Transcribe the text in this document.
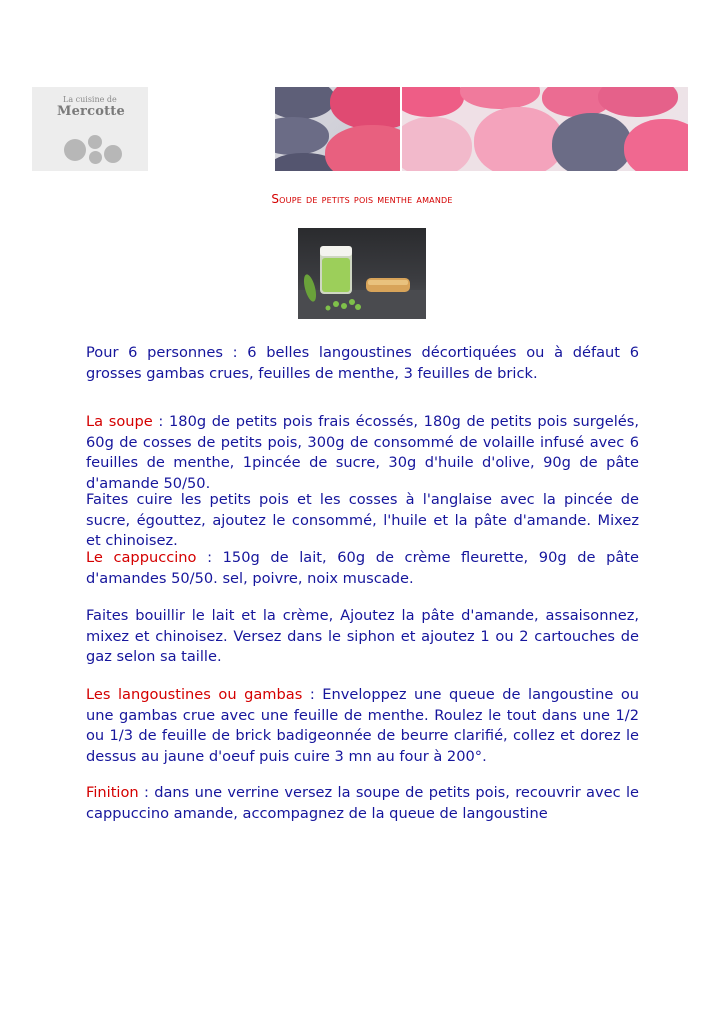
La cuisine de
Mercotte
Soupe de petits pois menthe amande

Pour 6 personnes : 6 belles langoustines décortiquées ou à défaut 6 grosses gambas crues, feuilles de menthe, 3 feuilles de brick.

La soupe : 180g de petits pois frais écossés, 180g de petits pois surgelés, 60g de cosses de petits pois, 300g de consommé de volaille infusé avec 6 feuilles de menthe, 1pincée de sucre, 30g d'huile d'olive, 90g de pâte d'amande 50/50.

Faites cuire les petits pois et les cosses à l'anglaise avec la pincée de sucre, égouttez, ajoutez le consommé, l'huile et la pâte d'amande. Mixez et chinoisez.

Le cappuccino : 150g de lait, 60g de crème fleurette, 90g de pâte d'amandes 50/50. sel, poivre, noix muscade.

Faites bouillir le lait et la crème, Ajoutez la pâte d'amande, assaisonnez, mixez et chinoisez. Versez dans le siphon et ajoutez 1 ou 2 cartouches de gaz selon sa taille.

Les langoustines ou gambas : Enveloppez une queue de langoustine ou une gambas crue avec une feuille de menthe. Roulez le tout dans une 1/2 ou 1/3 de feuille de brick badigeonnée de beurre clarifié, collez et dorez le dessus au jaune d'oeuf puis cuire 3 mn au four à 200°.

Finition : dans une verrine versez la soupe de petits pois, recouvrir avec le cappuccino amande, accompagnez de la queue de langoustine
